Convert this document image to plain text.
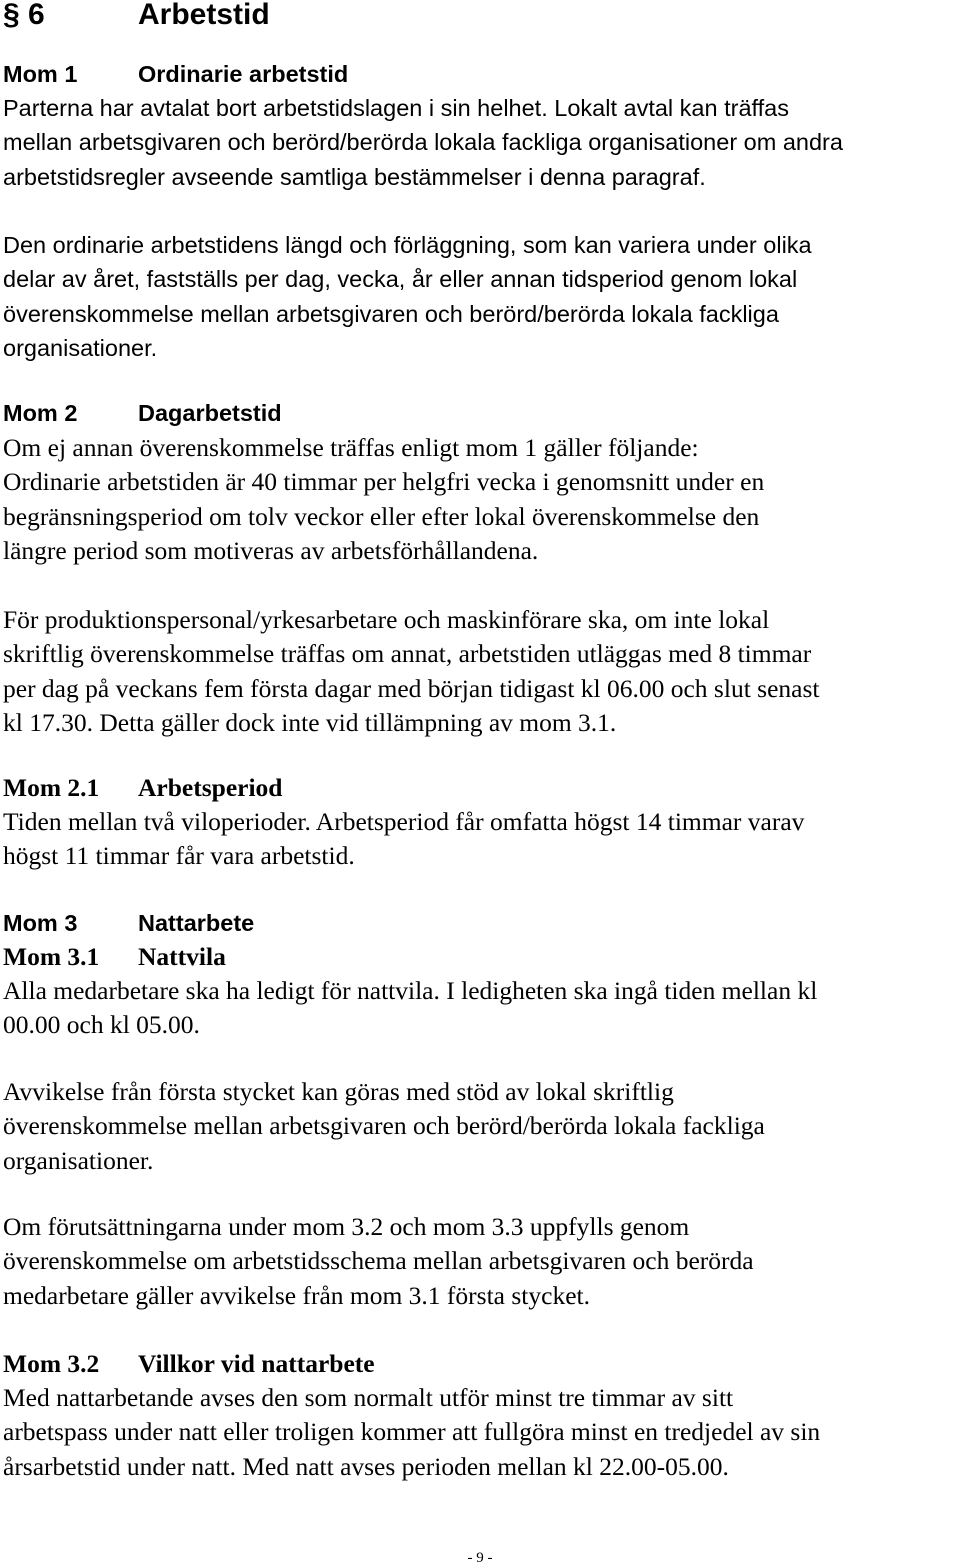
§ 6	Arbetstid
Mom 1	Ordinarie arbetstid
Parterna har avtalat bort arbetstidslagen i sin helhet. Lokalt avtal kan träffas
mellan arbetsgivaren och berörd/berörda lokala fackliga organisationer om andra
arbetstidsregler avseende samtliga bestämmelser i denna paragraf.
Den ordinarie arbetstidens längd och förläggning, som kan variera under olika
delar av året, fastställs per dag, vecka, år eller annan tidsperiod genom lokal
överenskommelse mellan arbetsgivaren och berörd/berörda lokala fackliga
organisationer.
Mom 2	Dagarbetstid
Om ej annan överenskommelse träffas enligt mom 1 gäller följande:
Ordinarie arbetstiden är 40 timmar per helgfri vecka i genomsnitt under en
begränsningsperiod om tolv veckor eller efter lokal överenskommelse den
längre period som motiveras av arbetsförhållandena.
För produktionspersonal/yrkesarbetare och maskinförare ska, om inte lokal
skriftlig överenskommelse träffas om annat, arbetstiden utläggas med 8 timmar
per dag på veckans fem första dagar med början tidigast kl 06.00 och slut senast
kl 17.30. Detta gäller dock inte vid tillämpning av mom 3.1.
Mom 2.1 Arbetsperiod
Tiden mellan två viloperioder. Arbetsperiod får omfatta högst 14 timmar varav
högst 11 timmar får vara arbetstid.
Mom 3	Nattarbete
Mom 3.1 Nattvila
Alla medarbetare ska ha ledigt för nattvila. I ledigheten ska ingå tiden mellan kl
00.00 och kl 05.00.
Avvikelse från första stycket kan göras med stöd av lokal skriftlig
överenskommelse mellan arbetsgivaren och berörd/berörda lokala fackliga
organisationer.
Om förutsättningarna under mom 3.2 och mom 3.3 uppfylls genom
överenskommelse om arbetstidsschema mellan arbetsgivaren och berörda
medarbetare gäller avvikelse från mom 3.1 första stycket.
Mom 3.2 Villkor vid nattarbete
Med nattarbetande avses den som normalt utför minst tre timmar av sitt
arbetspass under natt eller troligen kommer att fullgöra minst en tredjedel av sin
årsarbetstid under natt. Med natt avses perioden mellan kl 22.00-05.00.
- 9 -
